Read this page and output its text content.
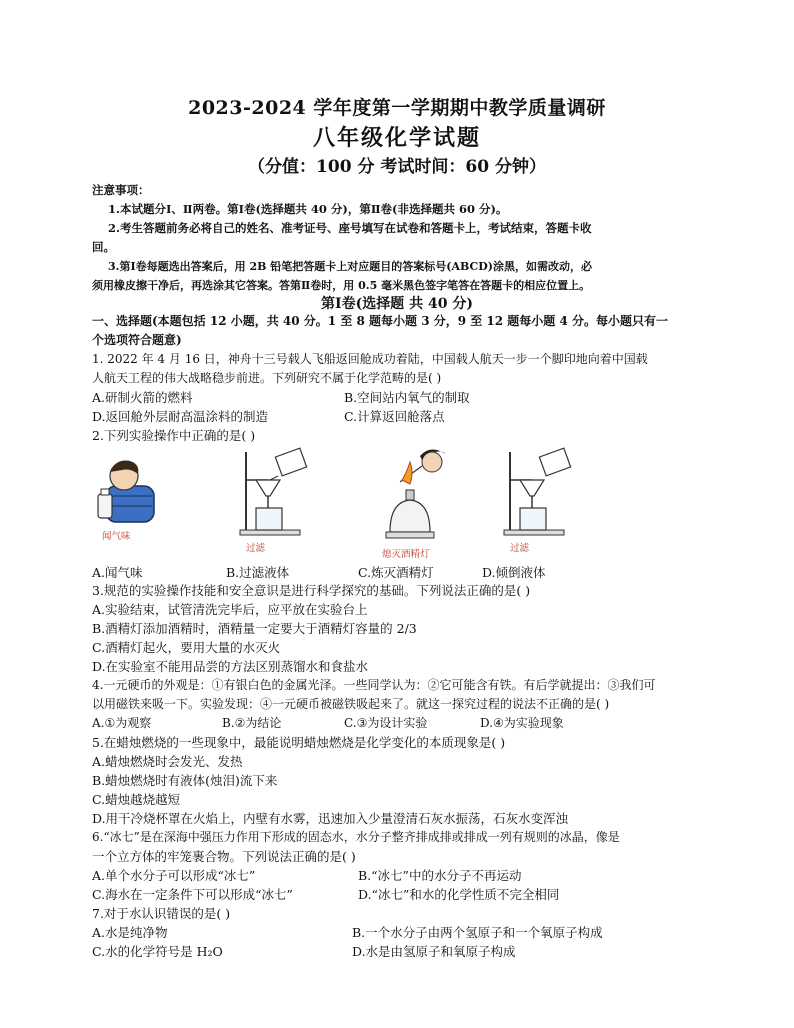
2023-2024 学年度第一学期期中教学质量调研
八年级化学试题
（分值：100 分 考试时间：60 分钟）
注意事项：
1.本试题分Ⅰ、Ⅱ两卷。第Ⅰ卷(选择题共 40 分)，第Ⅱ卷(非选择题共 60 分)。
2.考生答题前务必将自己的姓名、准考证号、座号填写在试卷和答题卡上，考试结束，答题卡收
回。
3.第Ⅰ卷每题选出答案后，用 2B 铅笔把答题卡上对应题目的答案标号(ABCD)涂黑，如需改动，必
须用橡皮擦干净后，再选涂其它答案。答第Ⅱ卷时，用 0.5 毫米黑色签字笔答在答题卡的相应位置上。
第Ⅰ卷(选择题 共 40 分)
一、选择题(本题包括 12 小题，共 40 分。1 至 8 题每小题 3 分，9 至 12 题每小题 4 分。每小题只有一
个选项符合题意)
1. 2022 年 4 月 16 日，神舟十三号载人飞船返回舱成功着陆，中国载人航天一步一个脚印地向着中国载
人航天工程的伟大战略稳步前进。下列研究不属于化学范畴的是( )
A.研制火箭的燃料	B.空间站内氧气的制取
D.返回舱外层耐高温涂料的制造	C.计算返回舱落点
2.下列实验操作中正确的是( )
闻气味
过滤
熄灭酒精灯
过滤
A.闻气味	B.过滤液体	C.炼灭酒精灯	D.倾倒液体
3.规范的实验操作技能和安全意识是进行科学探究的基础。下列说法正确的是( )
A.实验结束，试管清洗完毕后，应平放在实验台上
B.酒精灯添加酒精时，酒精量一定要大于酒精灯容量的 2/3
C.酒精灯起火，要用大量的水灭火
D.在实验室不能用品尝的方法区别蒸馏水和食盐水
4.一元硬币的外观是：①有银白色的金属光泽。一些同学认为：②它可能含有铁。有后学就提出：③我们可
以用磁铁来吸一下。实验发现：④一元硬币被磁铁吸起来了。就这一探究过程的说法不正确的是( )
A.①为观察	B.②为结论	C.③为设计实验	D.④为实验现象
5.在蜡烛燃烧的一些现象中，最能说明蜡烛燃烧是化学变化的本质现象是( )
A.蜡烛燃烧时会发光、发热
B.蜡烛燃烧时有液体(烛泪)流下来
C.蜡烛越烧越短
D.用干冷烧杯罩在火焰上，内壁有水雾，迅速加入少量澄清石灰水振荡，石灰水变浑浊
6.“冰七”是在深海中强压力作用下形成的固态水，水分子整齐排成排或排成一列有规则的冰晶，像是
一个立方体的牢笼裹合物。下列说法正确的是( )
A.单个水分子可以形成“冰七”	B.“冰七”中的水分子不再运动
C.海水在一定条件下可以形成“冰七”	D.“冰七”和水的化学性质不完全相同
7.对于水认识错误的是( )
A.水是纯净物	B.一个水分子由两个氢原子和一个氧原子构成
C.水的化学符号是 H₂O	D.水是由氢原子和氧原子构成
